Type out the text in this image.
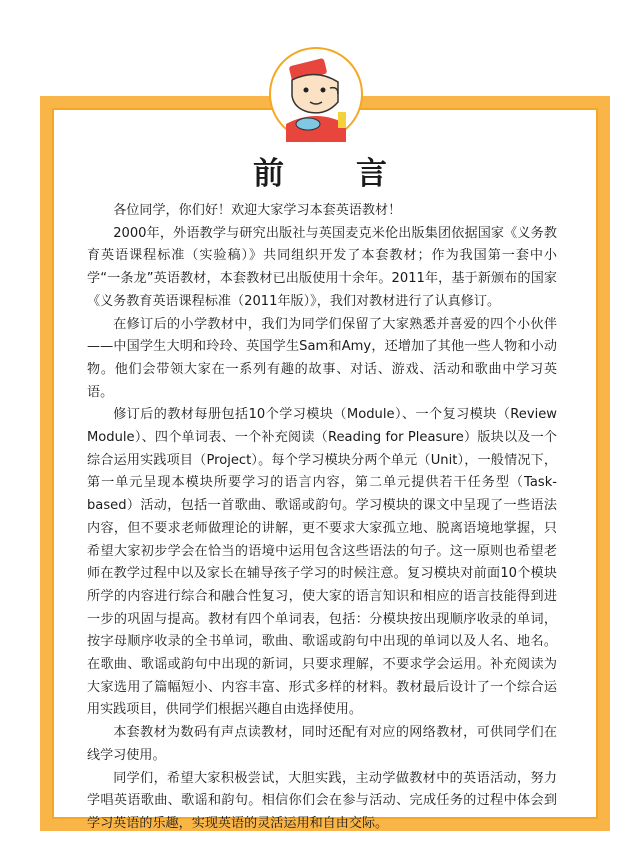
前言

各位同学，你们好！欢迎大家学习本套英语教材！

2000年，外语教学与研究出版社与英国麦克米伦出版集团依据国家《义务教育英语课程标准（实验稿）》共同组织开发了本套教材；作为我国第一套中小学“一条龙”英语教材，本套教材已出版使用十余年。2011年，基于新颁布的国家《义务教育英语课程标准（2011年版）》，我们对教材进行了认真修订。

在修订后的小学教材中，我们为同学们保留了大家熟悉并喜爱的四个小伙伴——中国学生大明和玲玲、英国学生Sam和Amy，还增加了其他一些人物和小动物。他们会带领大家在一系列有趣的故事、对话、游戏、活动和歌曲中学习英语。

修订后的教材每册包括10个学习模块（Module）、一个复习模块（Review Module）、四个单词表、一个补充阅读（Reading for Pleasure）版块以及一个综合运用实践项目（Project）。每个学习模块分两个单元（Unit），一般情况下，第一单元呈现本模块所要学习的语言内容，第二单元提供若干任务型（Task-based）活动，包括一首歌曲、歌谣或韵句。学习模块的课文中呈现了一些语法内容，但不要求老师做理论的讲解，更不要求大家孤立地、脱离语境地掌握，只希望大家初步学会在恰当的语境中运用包含这些语法的句子。这一原则也希望老师在教学过程中以及家长在辅导孩子学习的时候注意。复习模块对前面10个模块所学的内容进行综合和融合性复习，使大家的语言知识和相应的语言技能得到进一步的巩固与提高。教材有四个单词表，包括：分模块按出现顺序收录的单词，按字母顺序收录的全书单词，歌曲、歌谣或韵句中出现的单词以及人名、地名。在歌曲、歌谣或韵句中出现的新词，只要求理解，不要求学会运用。补充阅读为大家选用了篇幅短小、内容丰富、形式多样的材料。教材最后设计了一个综合运用实践项目，供同学们根据兴趣自由选择使用。

本套教材为数码有声点读教材，同时还配有对应的网络教材，可供同学们在线学习使用。

同学们，希望大家积极尝试，大胆实践，主动学做教材中的英语活动，努力学唱英语歌曲、歌谣和韵句。相信你们会在参与活动、完成任务的过程中体会到学习英语的乐趣，实现英语的灵活运用和自由交际。
